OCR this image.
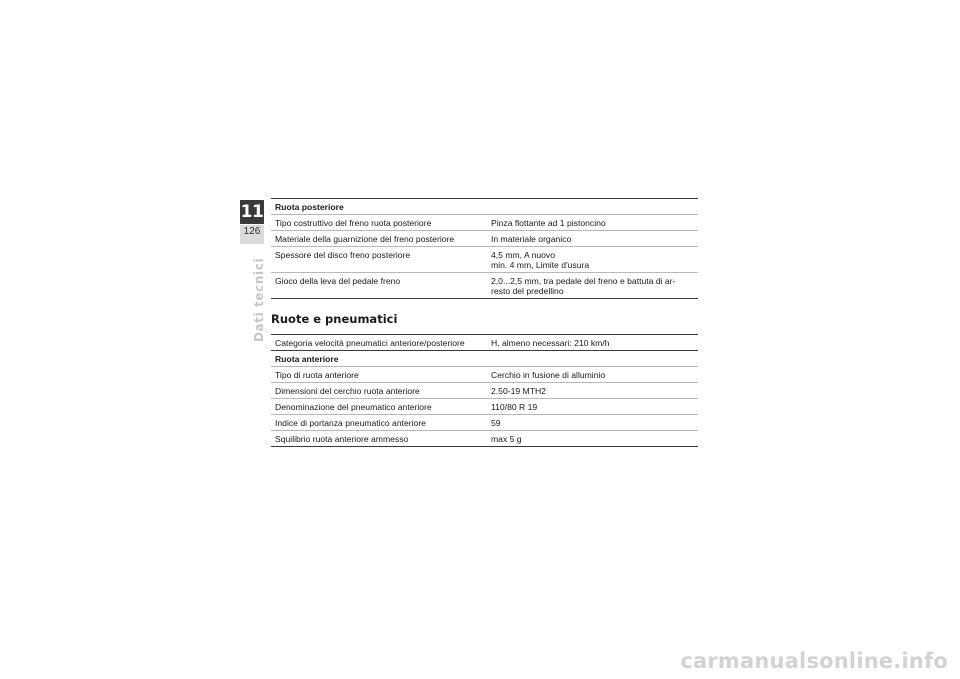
11
126
Dati tecnici
Ruota posteriore	
Tipo costruttivo del freno ruota posteriore	Pinza flottante ad 1 pistoncino

Materiale della guarnizione del freno posteriore	In materiale organico

Spessore del disco freno posteriore	4,5 mm, A nuovo
min. 4 mm, Limite d'usura

Gioco della leva del pedale freno	2,0...2,5 mm, tra pedale del freno e battuta di ar-
resto del predellino
Ruote e pneumatici
Categoria velocità pneumatici anteriore/posteriore	H, almeno necessari: 210 km/h
Ruota anteriore	
Tipo di ruota anteriore	Cerchio in fusione di alluminio
Dimensioni del cerchio ruota anteriore	2.50-19 MTH2
Denominazione del pneumatico anteriore	110/80 R 19
Indice di portanza pneumatico anteriore	59
Squilibrio ruota anteriore ammesso	max 5 g
carmanualsonline.info
